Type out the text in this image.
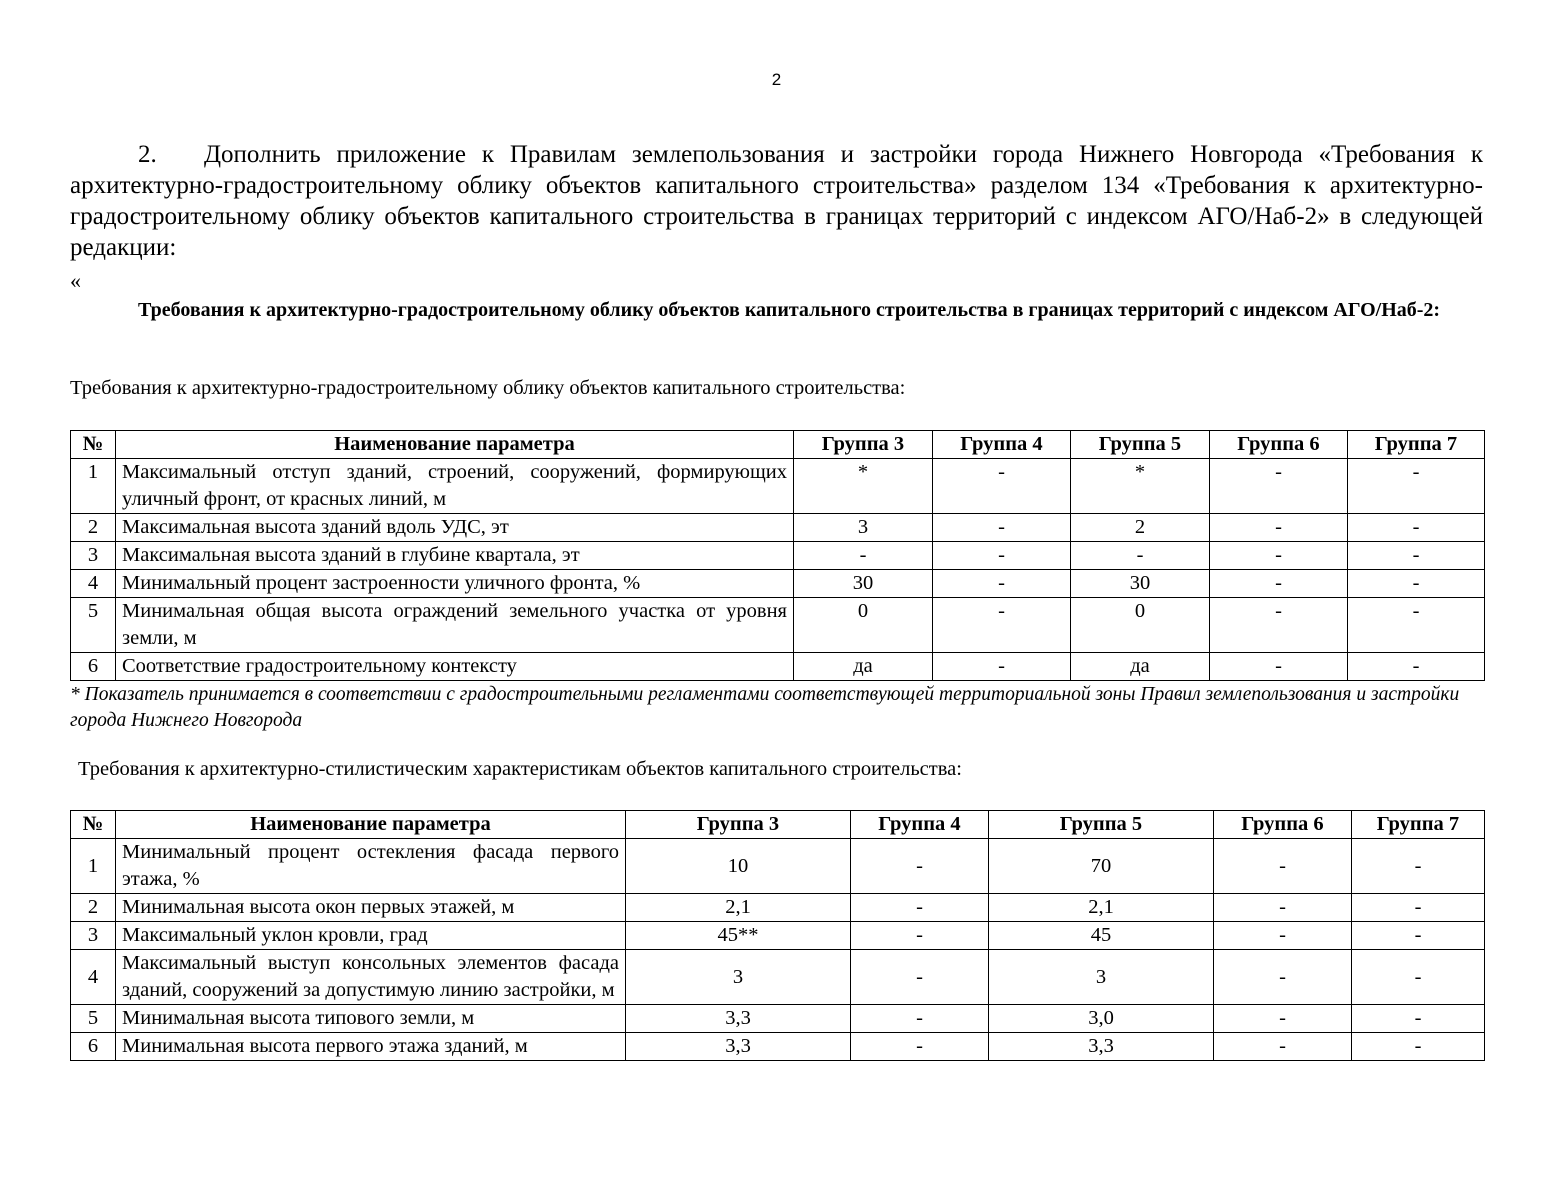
2

2. Дополнить приложение к Правилам землепользования и застройки города Нижнего Новгорода «Требования к архитектурно-градостроительному облику объектов капитального строительства» разделом 134 «Требования к архитектурно-градостроительному облику объектов капитального строительства в границах территорий с индексом АГО/Наб-2» в следующей редакции:

«

Требования к архитектурно-градостроительному облику объектов капитального строительства в границах территорий с индексом АГО/Наб-2:

Требования к архитектурно-градостроительному облику объектов капитального строительства:

№	Наименование параметра	Группа 3	Группа 4	Группа 5	Группа 6	Группа 7
1	Максимальный отступ зданий, строений, сооружений, формирующих уличный фронт, от красных линий, м	*	-	*	-	-
2	Максимальная высота зданий вдоль УДС, эт	3	-	2	-	-
3	Максимальная высота зданий в глубине квартала, эт	-	-	-	-	-
4	Минимальный процент застроенности уличного фронта, %	30	-	30	-	-
5	Минимальная общая высота ограждений земельного участка от уровня земли, м	0	-	0	-	-
6	Соответствие градостроительному контексту	да	-	да	-	-

* Показатель принимается в соответствии с градостроительными регламентами соответствующей территориальной зоны Правил землепользования и застройки города Нижнего Новгорода

Требования к архитектурно-стилистическим характеристикам объектов капитального строительства:

№	Наименование параметра	Группа 3	Группа 4	Группа 5	Группа 6	Группа 7
1	Минимальный процент остекления фасада первого этажа, %	10	-	70	-	-
2	Минимальная высота окон первых этажей, м	2,1	-	2,1	-	-
3	Максимальный уклон кровли, град	45**	-	45	-	-
4	Максимальный выступ консольных элементов фасада зданий, сооружений за допустимую линию застройки, м	3	-	3	-	-
5	Минимальная высота типового земли, м	3,3	-	3,0	-	-
6	Минимальная высота первого этажа зданий, м	3,3	-	3,3	-	-
